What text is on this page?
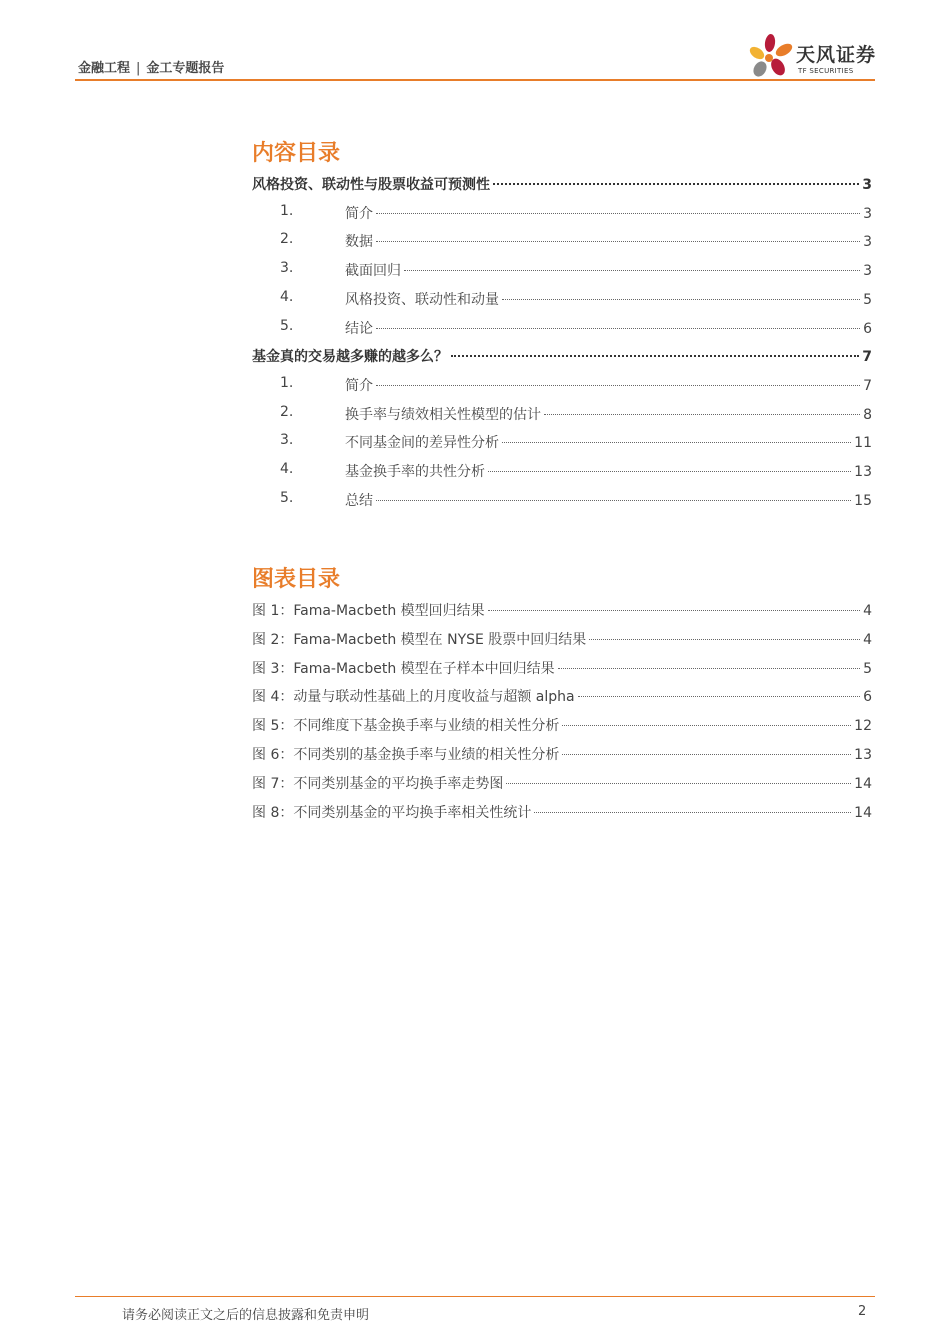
金融工程 | 金工专题报告
天风证券
TF SECURITIES
内容目录
风格投资、联动性与股票收益可预测性	3
1.	简介	3
2.	数据	3
3.	截面回归	3
4.	风格投资、联动性和动量	5
5.	结论	6
基金真的交易越多赚的越多么？	7
1.	简介	7
2.	换手率与绩效相关性模型的估计	8
3.	不同基金间的差异性分析	11
4.	基金换手率的共性分析	13
5.	总结	15
图表目录
图 1：Fama-Macbeth 模型回归结果	4
图 2：Fama-Macbeth 模型在 NYSE 股票中回归结果	4
图 3：Fama-Macbeth 模型在子样本中回归结果	5
图 4：动量与联动性基础上的月度收益与超额 alpha	6
图 5：不同维度下基金换手率与业绩的相关性分析	12
图 6：不同类别的基金换手率与业绩的相关性分析	13
图 7：不同类别基金的平均换手率走势图	14
图 8：不同类别基金的平均换手率相关性统计	14
请务必阅读正文之后的信息披露和免责申明	2
